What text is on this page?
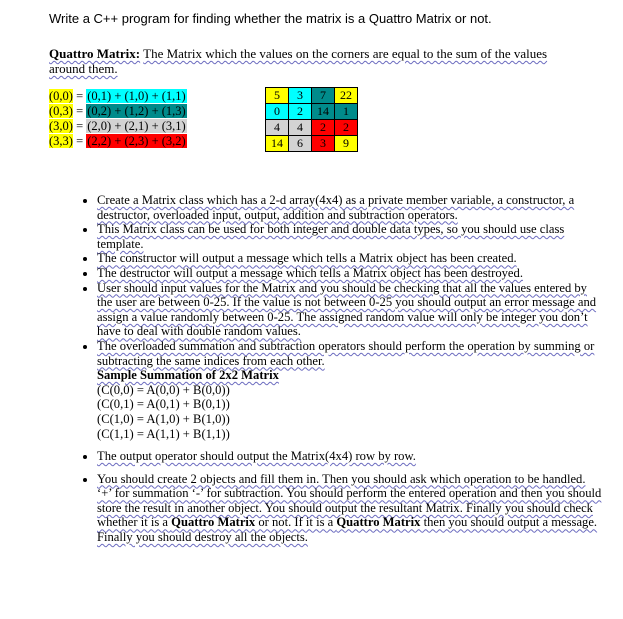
Write a C++ program for finding whether the matrix is a Quattro Matrix or not.
Quattro Matrix: The Matrix which the values on the corners are equal to the sum of the values around them.
(0,0) = (0,1) + (1,0) + (1,1)
(0,3) = (0,2) + (1,2) + (1,3)
(3,0) = (2,0) + (2,1) + (3,1)
(3,3) = (2,2) + (2,3) + (3,2)
5	3	7	22
0	2	14	1
4	4	2	2
14	6	3	9
• Create a Matrix class which has a 2-d array(4x4) as a private member variable, a constructor, a destructor, overloaded input, output, addition and subtraction operators.
• This Matrix class can be used for both integer and double data types, so you should use class template.
• The constructor will output a message which tells a Matrix object has been created.
• The destructor will output a message which tells a Matrix object has been destroyed.
• User should input values for the Matrix and you should be checking that all the values entered by the user are between 0-25. If the value is not between 0-25 you should output an error message and assign a value randomly between 0-25. The assigned random value will only be integer you don’t have to deal with double random values.
• The overloaded summation and subtraction operators should perform the operation by summing or subtracting the same indices from each other.
Sample Summation of 2x2 Matrix
(C(0,0) = A(0,0) + B(0,0))
(C(0,1) = A(0,1) + B(0,1))
(C(1,0) = A(1,0) + B(1,0))
(C(1,1) = A(1,1) + B(1,1))
• The output operator should output the Matrix(4x4) row by row.
• You should create 2 objects and fill them in. Then you should ask which operation to be handled. ‘+’ for summation ‘-’ for subtraction. You should perform the entered operation and then you should store the result in another object. You should output the resultant Matrix. Finally you should check whether it is a Quattro Matrix or not. If it is a Quattro Matrix then you should output a message. Finally you should destroy all the objects.
